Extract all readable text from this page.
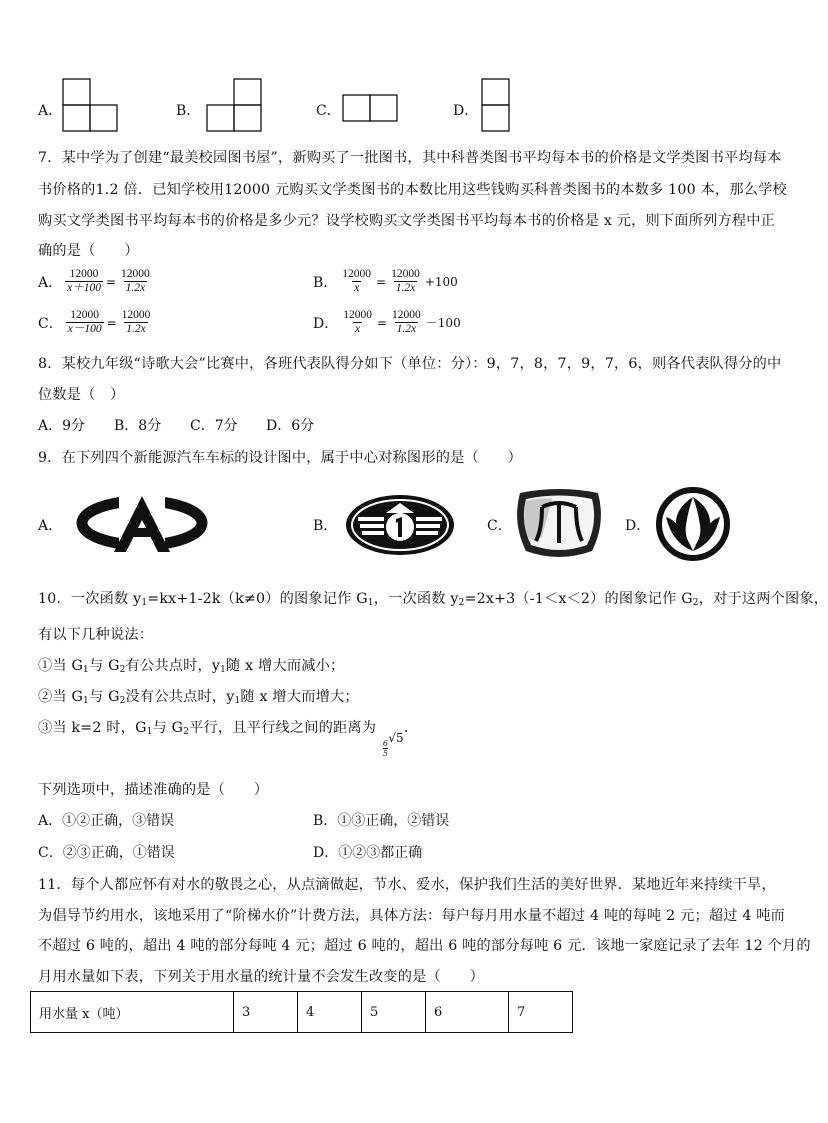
A．	B．	C．	D．
7．某中学为了创建“最美校园图书屋”，新购买了一批图书，其中科普类图书平均每本书的价格是文学类图书平均每本
书价格的1.2 倍．已知学校用12000 元购买文学类图书的本数比用这些钱购买科普类图书的本数多 100 本，那么学校
购买文学类图书平均每本书的价格是多少元？设学校购买文学类图书平均每本书的价格是 x 元，则下面所列方程中正
确的是（　　）
A． $\frac{12000}{x+100} = \frac{12000}{1.2x}$	B． $\frac{12000}{x} = \frac{12000}{1.2x} +100$
C． $\frac{12000}{x-100} = \frac{12000}{1.2x}$	D． $\frac{12000}{x} = \frac{12000}{1.2x} -100$
8．某校九年级“诗歌大会”比赛中，各班代表队得分如下（单位：分）：9，7，8，7，9，7，6，则各代表队得分的中
位数是（　）
A．9分 B．8分 C．7分 D．6分
9．在下列四个新能源汽车车标的设计图中，属于中心对称图形的是（　　）
A．	B．	C．	D．
10．一次函数 $y_1=kx+1-2k(k\ne 0)$的图象记作 $G_1$，一次函数 $y_2=2x+3(-1<x<2)$的图象记作 $G_2$，对于这两个图象，
有以下几种说法：
①当 $G_1$与 $G_2$有公共点时，$y_1$随 x 增大而减小；
②当 $G_1$与 $G_2$没有公共点时，$y_1$随 x 增大而增大；
③当 k=2 时，$G_1$与 $G_2$平行，且平行线之间的距离为
$\frac{6}{5}$
$_{√5}$.
下列选项中，描述准确的是（　　）
A．①②正确，③错误	B．①③正确，②错误
C．②③正确，①错误	D．①②③都正确
11．每个人都应怀有对水的敬畏之心，从点滴做起，节水、爱水，保护我们生活的美好世界．某地近年来持续干旱，
为倡导节约用水，该地采用了“阶梯水价”计费方法，具体方法：每户每月用水量不超过 4 吨的每吨 2 元；超过 4 吨而
不超过 6 吨的，超出 4 吨的部分每吨 4 元；超过 6 吨的，超出 6 吨的部分每吨 6 元．该地一家庭记录了去年 12 个月的
月用水量如下表，下列关于用水量的统计量不会发生改变的是（　　）
用水量 x（吨）	3	4	5	6	7
